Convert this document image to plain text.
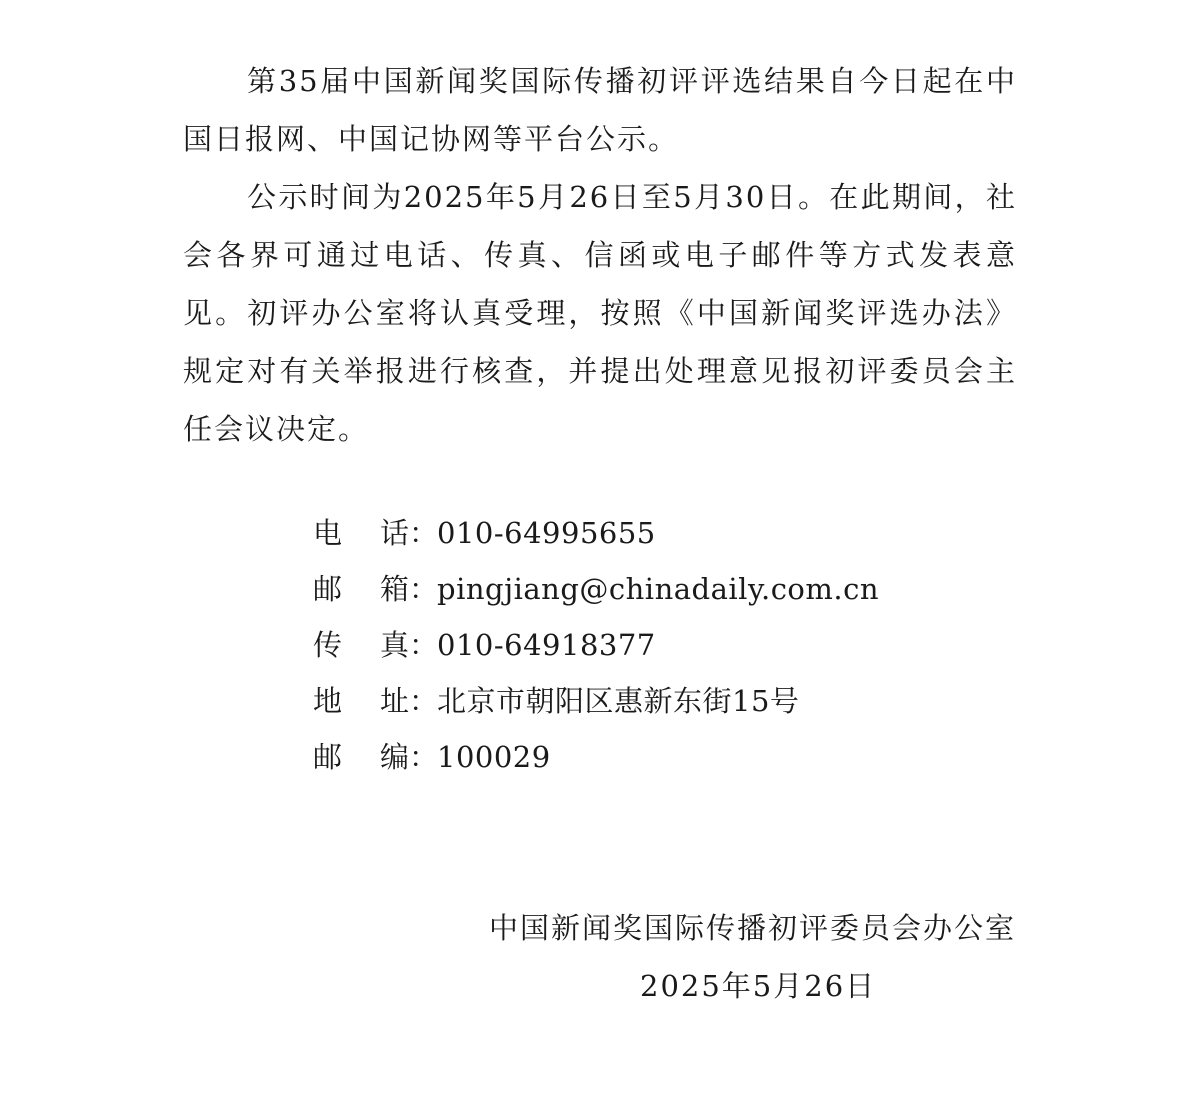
第35届中国新闻奖国际传播初评评选结果自今日起在中国日报网、中国记协网等平台公示。

公示时间为2025年5月26日至5月30日。在此期间，社会各界可通过电话、传真、信函或电子邮件等方式发表意见。初评办公室将认真受理，按照《中国新闻奖评选办法》规定对有关举报进行核查，并提出处理意见报初评委员会主任会议决定。

电话 ：
010-64995655
邮箱 ：
pingjiang@chinadaily.com.cn
传真 ：
010-64918377
地址 ：
北京市朝阳区惠新东街15号
邮编 ：
100029
中国新闻奖国际传播初评委员会办公室
2025年5月26日
